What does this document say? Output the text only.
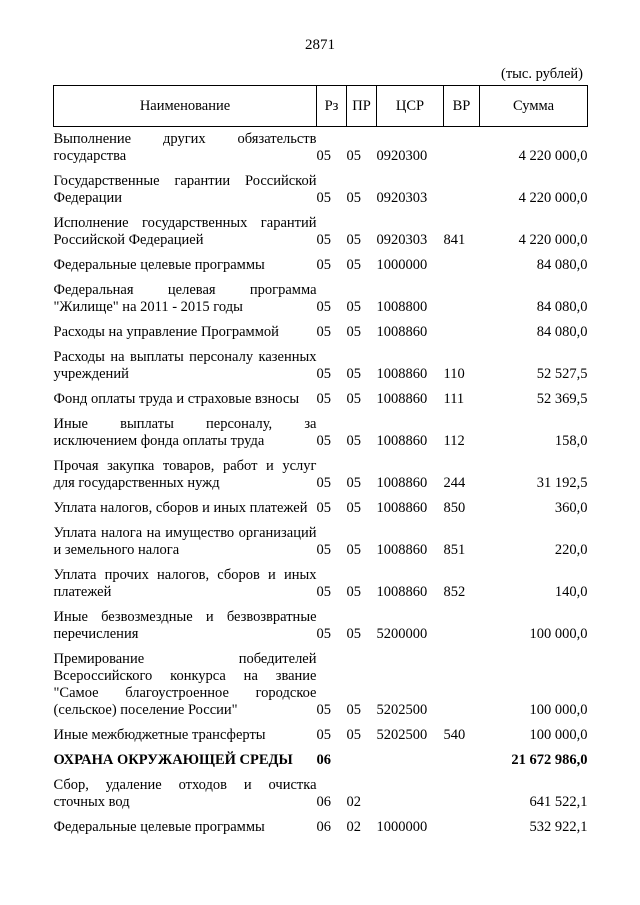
2871
(тыс. рублей)
Наименование	Рз	ПР	ЦСР	ВР	Сумма
Выполнение других обязательств государства	05	05	0920300		4 220 000,0
Государственные гарантии Российской Федерации	05	05	0920303		4 220 000,0
Исполнение государственных гарантий Российской Федерацией	05	05	0920303	841	4 220 000,0
Федеральные целевые программы	05	05	1000000		84 080,0
Федеральная целевая программа "Жилище" на 2011 - 2015 годы	05	05	1008800		84 080,0
Расходы на управление Программой	05	05	1008860		84 080,0
Расходы на выплаты персоналу казенных учреждений	05	05	1008860	110	52 527,5
Фонд оплаты труда и страховые взносы	05	05	1008860	111	52 369,5
Иные выплаты персоналу, за исключением фонда оплаты труда	05	05	1008860	112	158,0
Прочая закупка товаров, работ и услуг для государственных нужд	05	05	1008860	244	31 192,5
Уплата налогов, сборов и иных платежей	05	05	1008860	850	360,0
Уплата налога на имущество организаций и земельного налога	05	05	1008860	851	220,0
Уплата прочих налогов, сборов и иных платежей	05	05	1008860	852	140,0
Иные безвозмездные и безвозвратные перечисления	05	05	5200000		100 000,0
Премирование победителей Всероссийского конкурса на звание "Самое благоустроенное городское (сельское) поселение России"	05	05	5202500		100 000,0
Иные межбюджетные трансферты	05	05	5202500	540	100 000,0
ОХРАНА ОКРУЖАЮЩЕЙ СРЕДЫ	06				21 672 986,0
Сбор, удаление отходов и очистка сточных вод	06	02			641 522,1
Федеральные целевые программы	06	02	1000000		532 922,1
